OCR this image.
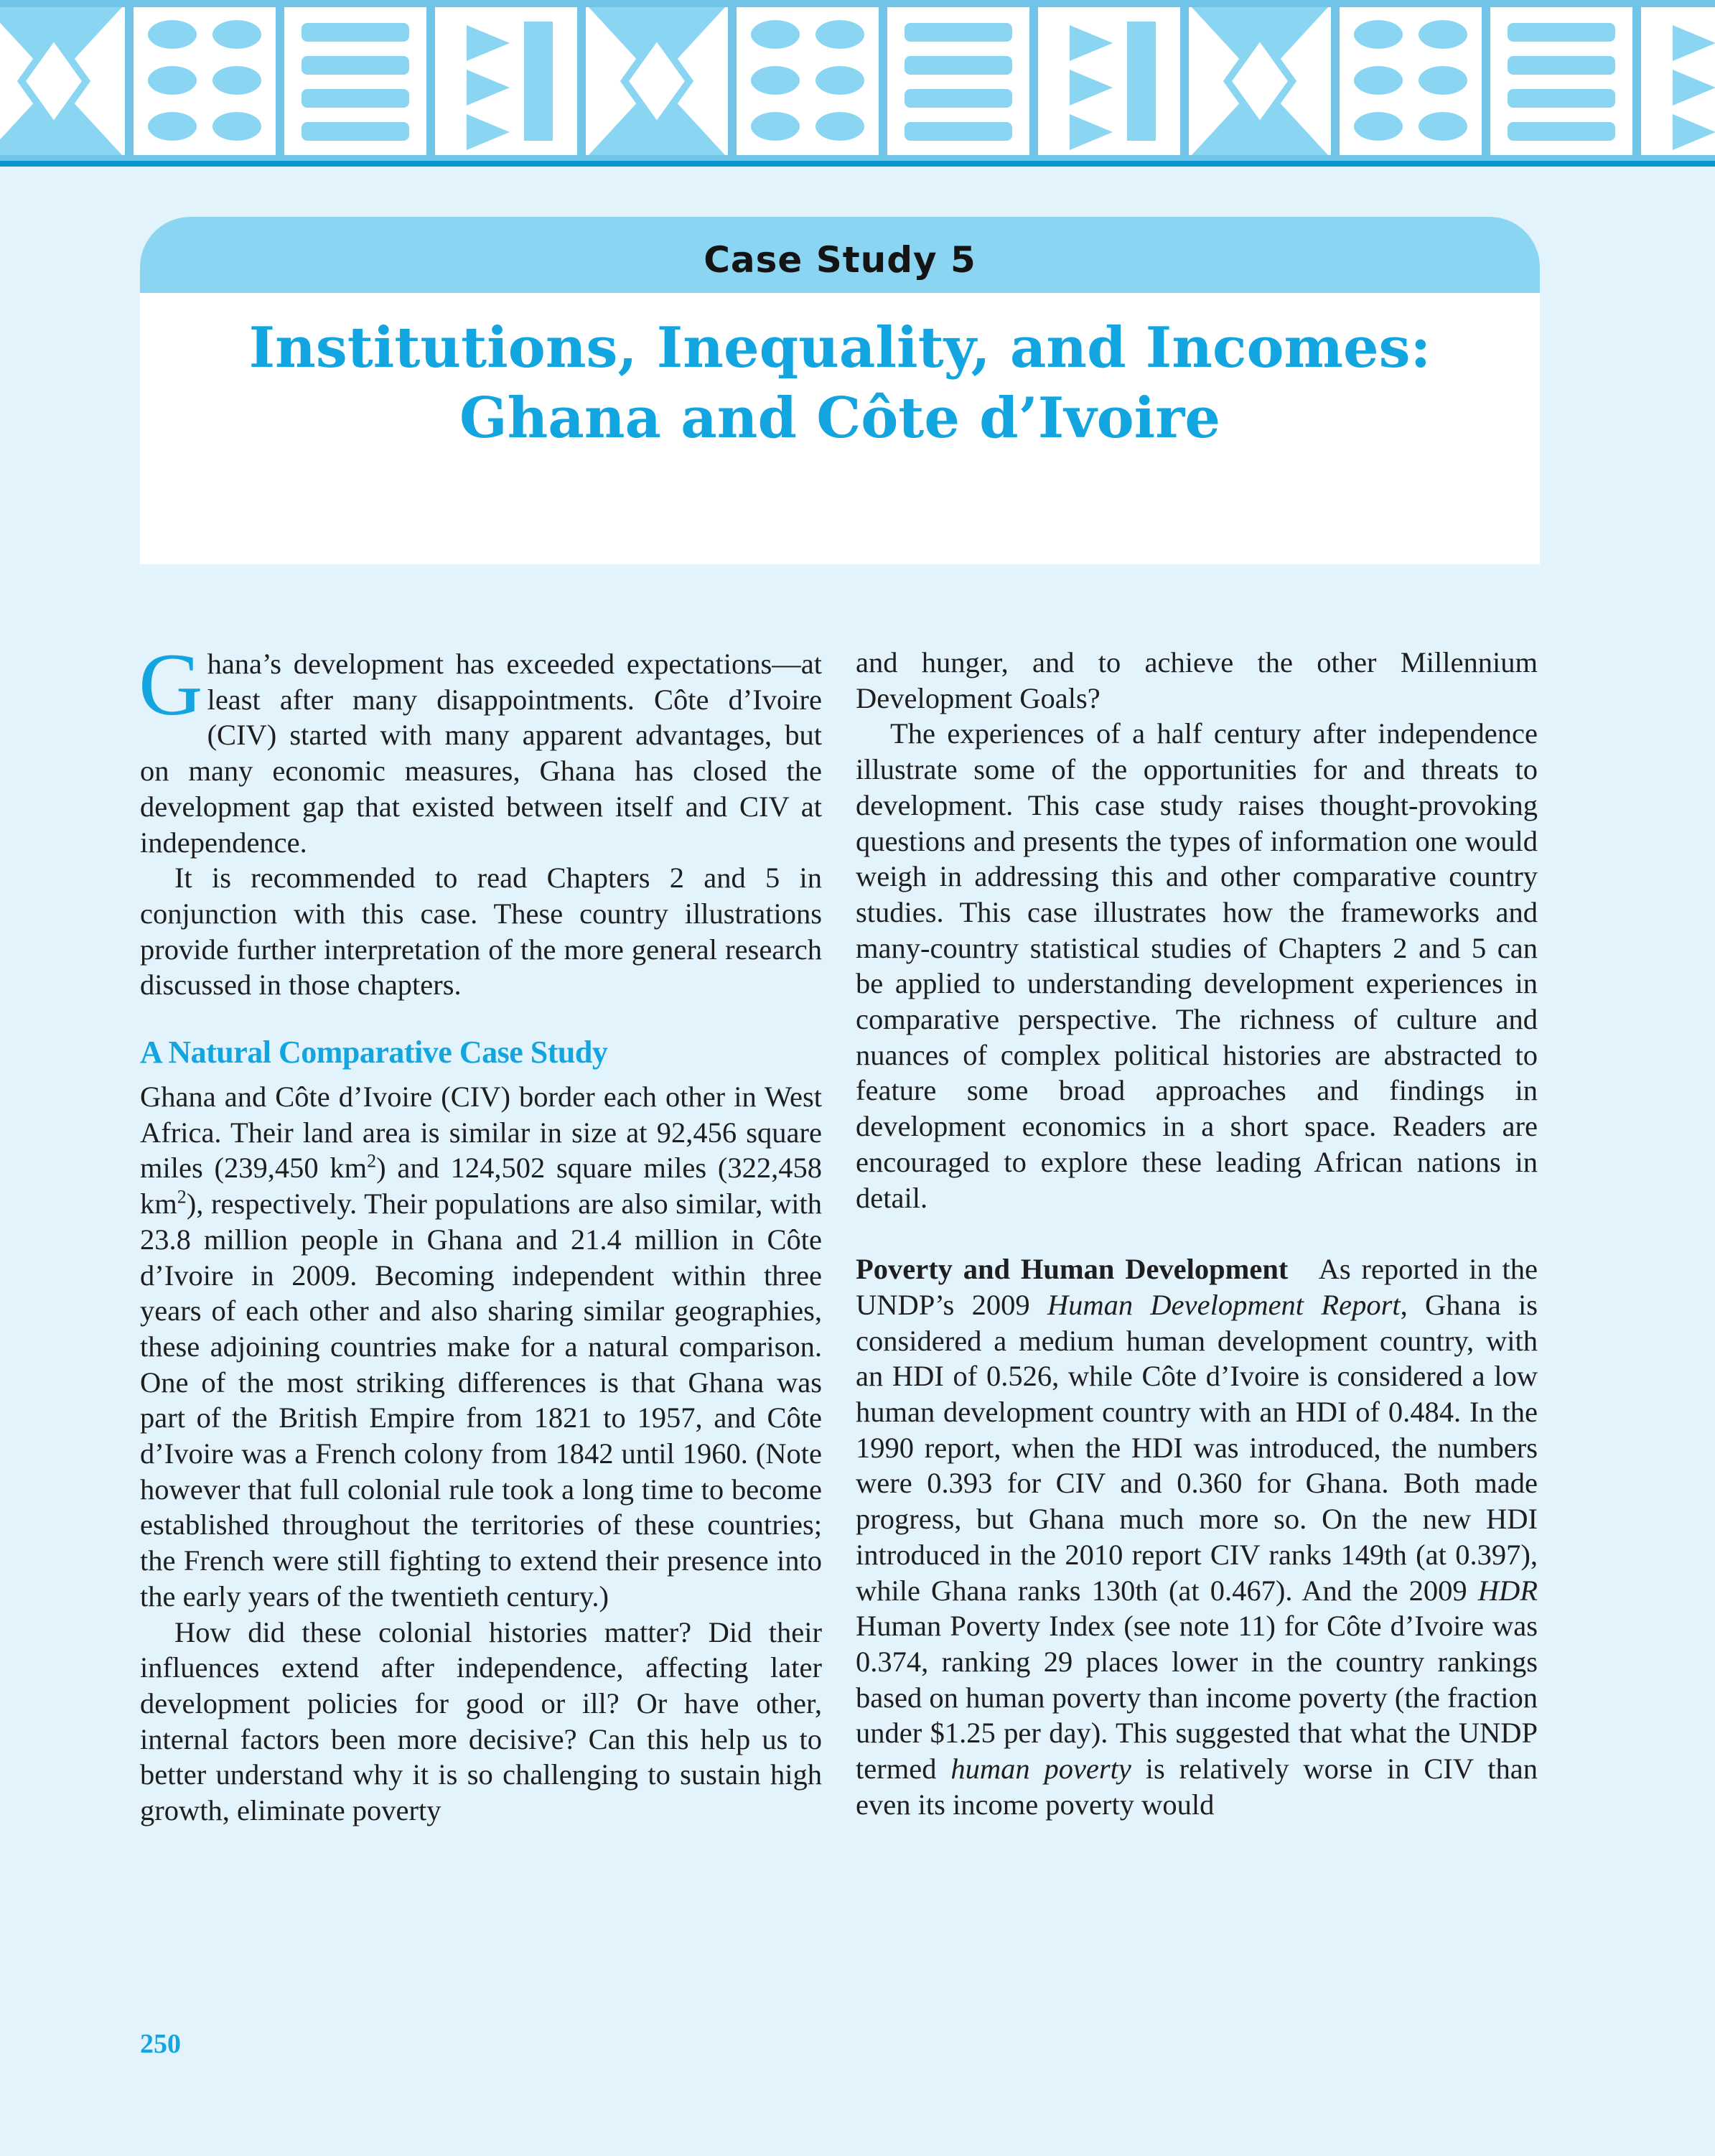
Case Study 5
Institutions, Inequality, and Incomes:
Ghana and Côte d’Ivoire

Ghana’s development has exceeded expectations—at least after many disappointments. Côte d’Ivoire (CIV) started with many apparent advantages, but on many economic measures, Ghana has closed the development gap that existed between itself and CIV at independence.

It is recommended to read Chapters 2 and 5 in conjunction with this case. These country illustrations provide further interpretation of the more general research discussed in those chapters.

A Natural Comparative Case Study

Ghana and Côte d’Ivoire (CIV) border each other in West Africa. Their land area is similar in size at 92,456 square miles (239,450 $km^2$) and 124,502 square miles (322,458 $km^2$), respectively. Their populations are also similar, with 23.8 million people in Ghana and 21.4 million in Côte d’Ivoire in 2009. Becoming independent within three years of each other and also sharing similar geographies, these adjoining countries make for a natural comparison. One of the most striking differences is that Ghana was part of the British Empire from 1821 to 1957, and Côte d’Ivoire was a French colony from 1842 until 1960. (Note however that full colonial rule took a long time to become established throughout the territories of these countries; the French were still fighting to extend their presence into the early years of the twentieth century.)

How did these colonial histories matter? Did their influences extend after independence, affecting later development policies for good or ill? Or have other, internal factors been more decisive? Can this help us to better understand why it is so challenging to sustain high growth, eliminate poverty

and hunger, and to achieve the other Millennium Development Goals?

The experiences of a half century after independence illustrate some of the opportunities for and threats to development. This case study raises thought-provoking questions and presents the types of information one would weigh in addressing this and other comparative country studies. This case illustrates how the frameworks and many-country statistical studies of Chapters 2 and 5 can be applied to understanding development experiences in comparative perspective. The richness of culture and nuances of complex political histories are abstracted to feature some broad approaches and findings in development economics in a short space. Readers are encouraged to explore these leading African nations in detail.

Poverty and Human Development As reported in the UNDP’s 2009 Human Development Report, Ghana is considered a medium human development country, with an HDI of 0.526, while Côte d’Ivoire is considered a low human development country with an HDI of 0.484. In the 1990 report, when the HDI was introduced, the numbers were 0.393 for CIV and 0.360 for Ghana. Both made progress, but Ghana much more so. On the new HDI introduced in the 2010 report CIV ranks 149th (at 0.397), while Ghana ranks 130th (at 0.467). And the 2009 HDR Human Poverty Index (see note 11) for Côte d’Ivoire was 0.374, ranking 29 places lower in the country rankings based on human poverty than income poverty (the fraction under $1.25 per day). This suggested that what the UNDP termed human poverty is relatively worse in CIV than even its income poverty would

250
